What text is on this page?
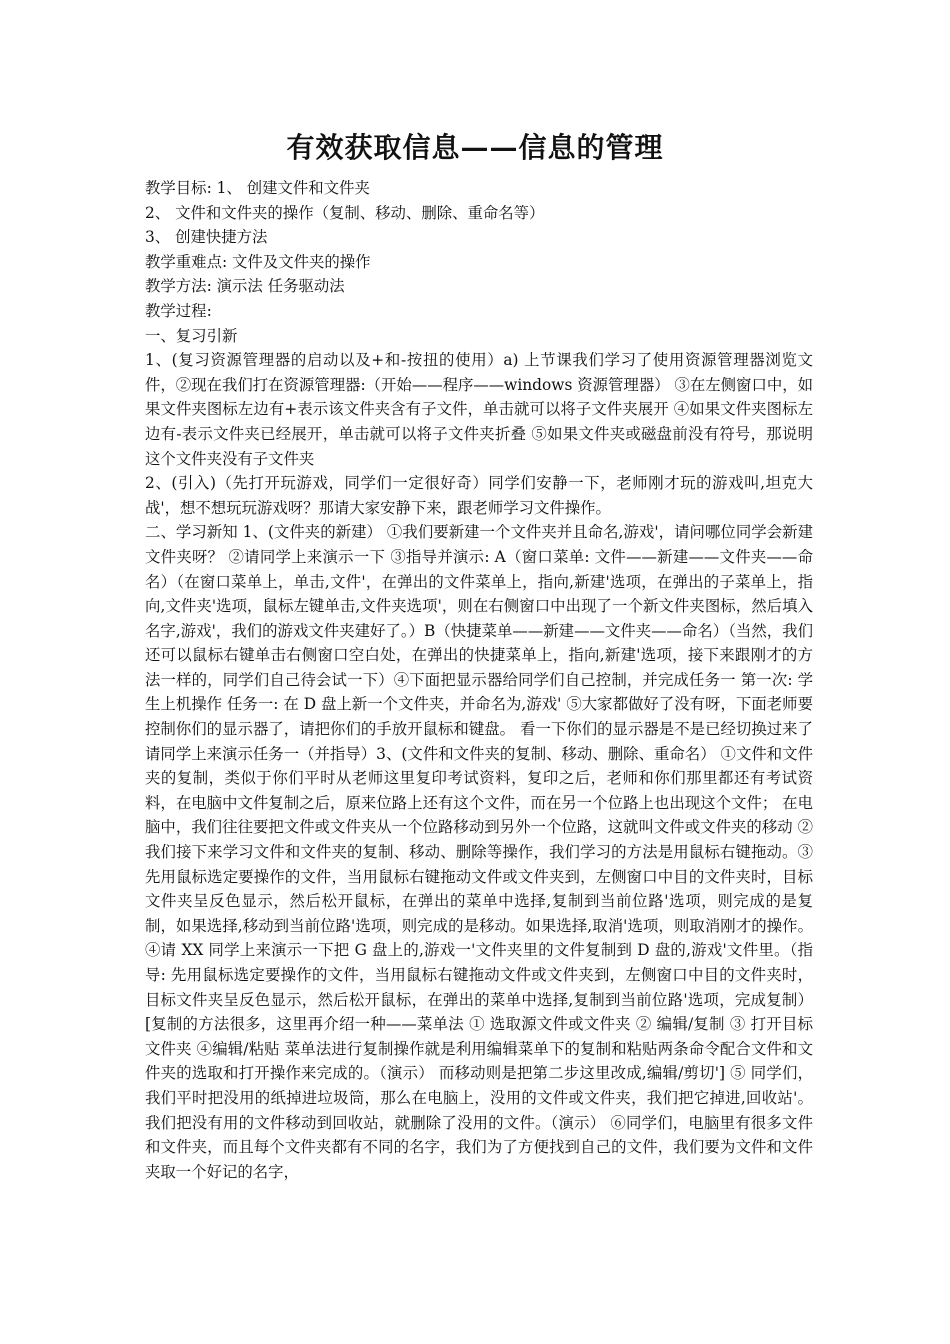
有效获取信息——信息的管理

教学目标: 1、 创建文件和文件夹

2、 文件和文件夹的操作（复制、移动、删除、重命名等）

3、 创建快捷方法

教学重难点: 文件及文件夹的操作

教学方法: 演示法 任务驱动法

教学过程:

一、复习引新

1、(复习资源管理器的启动以及+和-按扭的使用）a) 上节课我们学习了使用资源管理器浏览文件，②现在我们打在资源管理器:（开始——程序——windows 资源管理器） ③在左侧窗口中，如果文件夹图标左边有+表示该文件夹含有子文件，单击就可以将子文件夹展开 ④如果文件夹图标左边有-表示文件夹已经展开，单击就可以将子文件夹折叠 ⑤如果文件夹或磁盘前没有符号，那说明这个文件夹没有子文件夹

2、(引入)（先打开玩游戏，同学们一定很好奇）同学们安静一下，老师刚才玩的游戏叫,坦克大战'，想不想玩玩游戏呀？那请大家安静下来，跟老师学习文件操作。

二、学习新知 1、(文件夹的新建） ①我们要新建一个文件夹并且命名,游戏'，请问哪位同学会新建文件夹呀？ ②请同学上来演示一下 ③指导并演示: A（窗口菜单: 文件——新建——文件夹——命名）（在窗口菜单上，单击,文件'，在弹出的文件菜单上，指向,新建'选项，在弹出的子菜单上，指向,文件夹'选项，鼠标左键单击,文件夹选项'，则在右侧窗口中出现了一个新文件夹图标，然后填入名字,游戏'，我们的游戏文件夹建好了。）B（快捷菜单——新建——文件夹——命名）（当然，我们还可以鼠标右键单击右侧窗口空白处，在弹出的快捷菜单上，指向,新建'选项，接下来跟刚才的方法一样的，同学们自己待会试一下）④下面把显示器给同学们自己控制，并完成任务一 第一次: 学生上机操作 任务一: 在 D 盘上新一个文件夹，并命名为,游戏' ⑤大家都做好了没有呀，下面老师要控制你们的显示器了，请把你们的手放开鼠标和键盘。 看一下你们的显示器是不是已经切换过来了 请同学上来演示任务一（并指导）3、(文件和文件夹的复制、移动、删除、重命名） ①文件和文件夹的复制，类似于你们平时从老师这里复印考试资料，复印之后，老师和你们那里都还有考试资料，在电脑中文件复制之后，原来位路上还有这个文件，而在另一个位路上也出现这个文件； 在电脑中，我们往往要把文件或文件夹从一个位路移动到另外一个位路，这就叫文件或文件夹的移动 ②我们接下来学习文件和文件夹的复制、移动、删除等操作，我们学习的方法是用鼠标右键拖动。③先用鼠标选定要操作的文件，当用鼠标右键拖动文件或文件夹到，左侧窗口中目的文件夹时，目标文件夹呈反色显示，然后松开鼠标，在弹出的菜单中选择,复制到当前位路'选项，则完成的是复制，如果选择,移动到当前位路'选项，则完成的是移动。如果选择,取消'选项，则取消刚才的操作。④请 XX 同学上来演示一下把 G 盘上的,游戏一'文件夹里的文件复制到 D 盘的,游戏'文件里。（指导: 先用鼠标选定要操作的文件，当用鼠标右键拖动文件或文件夹到，左侧窗口中目的文件夹时，目标文件夹呈反色显示，然后松开鼠标，在弹出的菜单中选择,复制到当前位路'选项，完成复制）[复制的方法很多，这里再介绍一种——菜单法 ① 选取源文件或文件夹 ② 编辑/复制 ③ 打开目标文件夹 ④编辑/粘贴 菜单法进行复制操作就是利用编辑菜单下的复制和粘贴两条命令配合文件和文件夹的选取和打开操作来完成的。（演示） 而移动则是把第二步这里改成,编辑/剪切'] ⑤ 同学们，我们平时把没用的纸掉进垃圾筒，那么在电脑上，没用的文件或文件夹，我们把它掉进,回收站'。我们把没有用的文件移动到回收站，就删除了没用的文件。（演示） ⑥同学们，电脑里有很多文件和文件夹，而且每个文件夹都有不同的名字，我们为了方便找到自己的文件，我们要为文件和文件夹取一个好记的名字，
